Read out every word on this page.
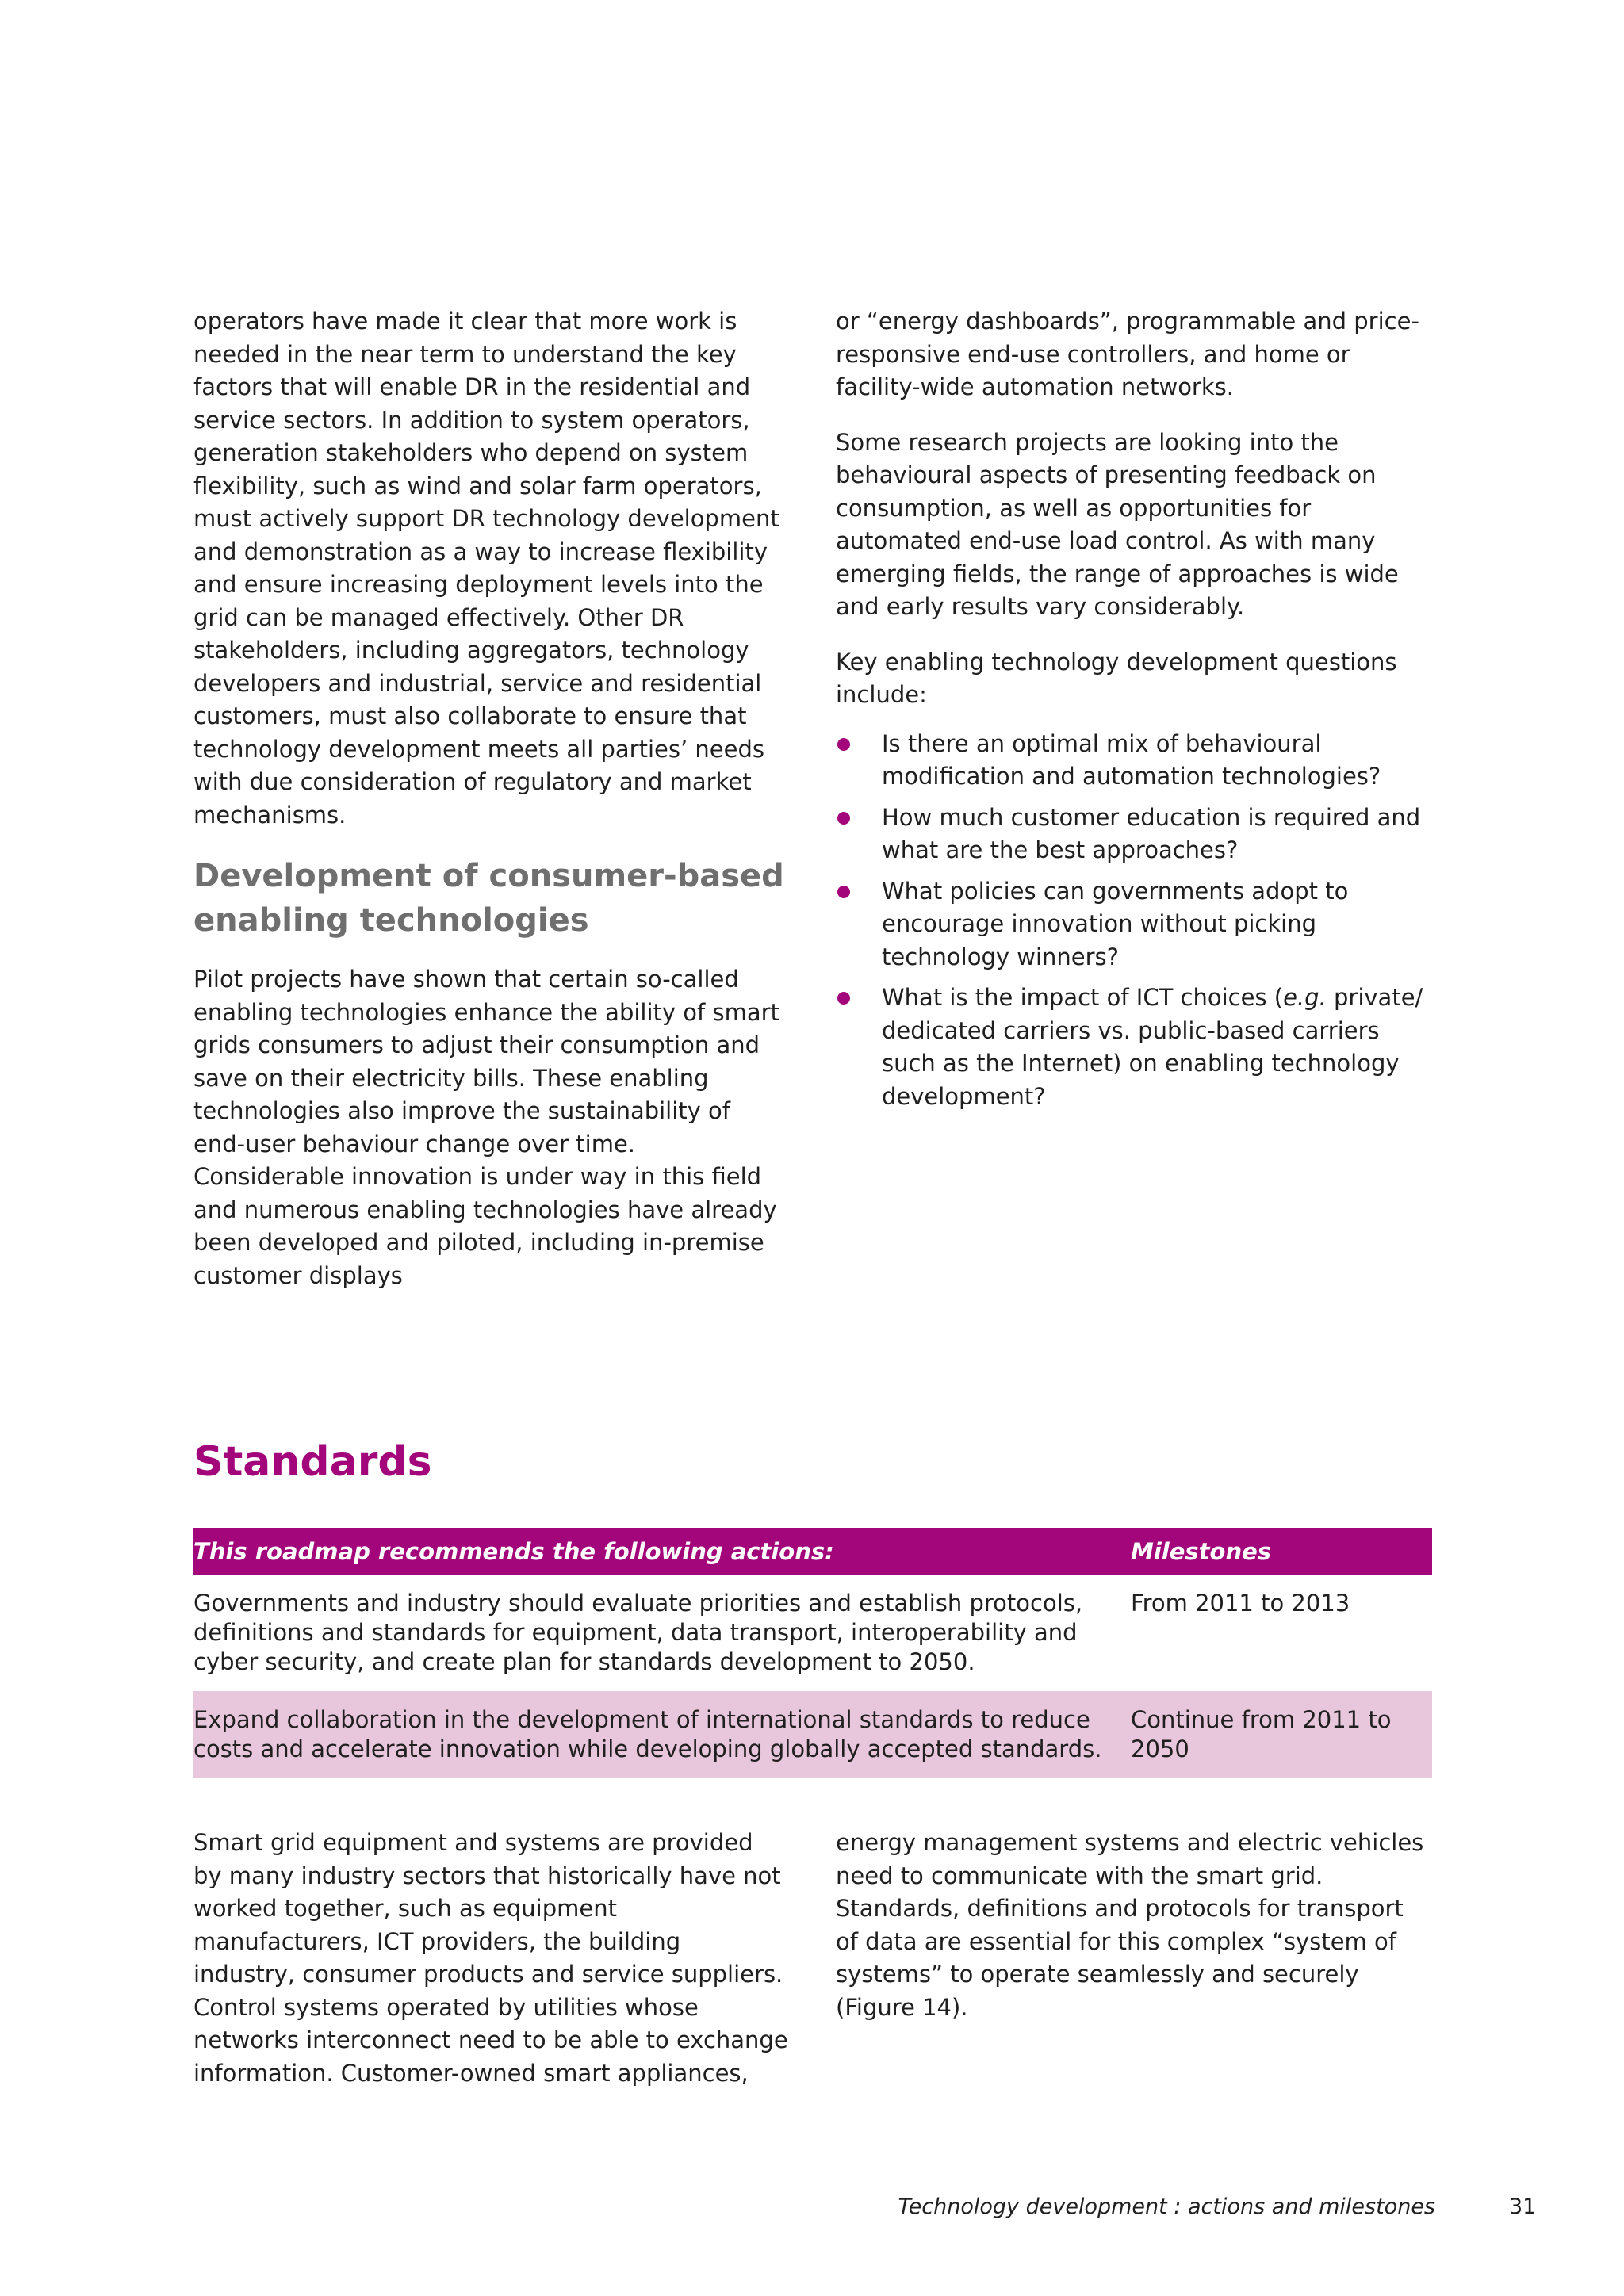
operators have made it clear that more work is needed in the near term to understand the key factors that will enable DR in the residential and service sectors. In addition to system operators, generation stakeholders who depend on system flexibility, such as wind and solar farm operators, must actively support DR technology development and demonstration as a way to increase flexibility and ensure increasing deployment levels into the grid can be managed effectively. Other DR stakeholders, including aggregators, technology developers and industrial, service and residential customers, must also collaborate to ensure that technology development meets all parties’ needs with due consideration of regulatory and market mechanisms.

Development of consumer-based enabling technologies

Pilot projects have shown that certain so-called enabling technologies enhance the ability of smart grids consumers to adjust their consumption and save on their electricity bills. These enabling technologies also improve the sustainability of end-user behaviour change over time. Considerable innovation is under way in this field and numerous enabling technologies have already been developed and piloted, including in-premise customer displays

or “energy dashboards”, programmable and price-responsive end-use controllers, and home or facility-wide automation networks.

Some research projects are looking into the behavioural aspects of presenting feedback on consumption, as well as opportunities for automated end-use load control. As with many emerging fields, the range of approaches is wide and early results vary considerably.

Key enabling technology development questions include:

Is there an optimal mix of behavioural modification and automation technologies?
How much customer education is required and what are the best approaches?
What policies can governments adopt to encourage innovation without picking technology winners?
What is the impact of ICT choices (e.g. private/ dedicated carriers vs. public-based carriers such as the Internet) on enabling technology development?
Standards
This roadmap recommends the following actions:	Milestones
Governments and industry should evaluate priorities and establish protocols, definitions and standards for equipment, data transport, interoperability and cyber security, and create plan for standards development to 2050.	From 2011 to 2013
Expand collaboration in the development of international standards to reduce costs and accelerate innovation while developing globally accepted standards.	Continue from 2011 to 2050

Smart grid equipment and systems are provided by many industry sectors that historically have not worked together, such as equipment manufacturers, ICT providers, the building industry, consumer products and service suppliers. Control systems operated by utilities whose networks interconnect need to be able to exchange information. Customer-owned smart appliances,

energy management systems and electric vehicles need to communicate with the smart grid. Standards, definitions and protocols for transport of data are essential for this complex “system of systems” to operate seamlessly and securely (Figure 14).

Technology development : actions and milestones	31
